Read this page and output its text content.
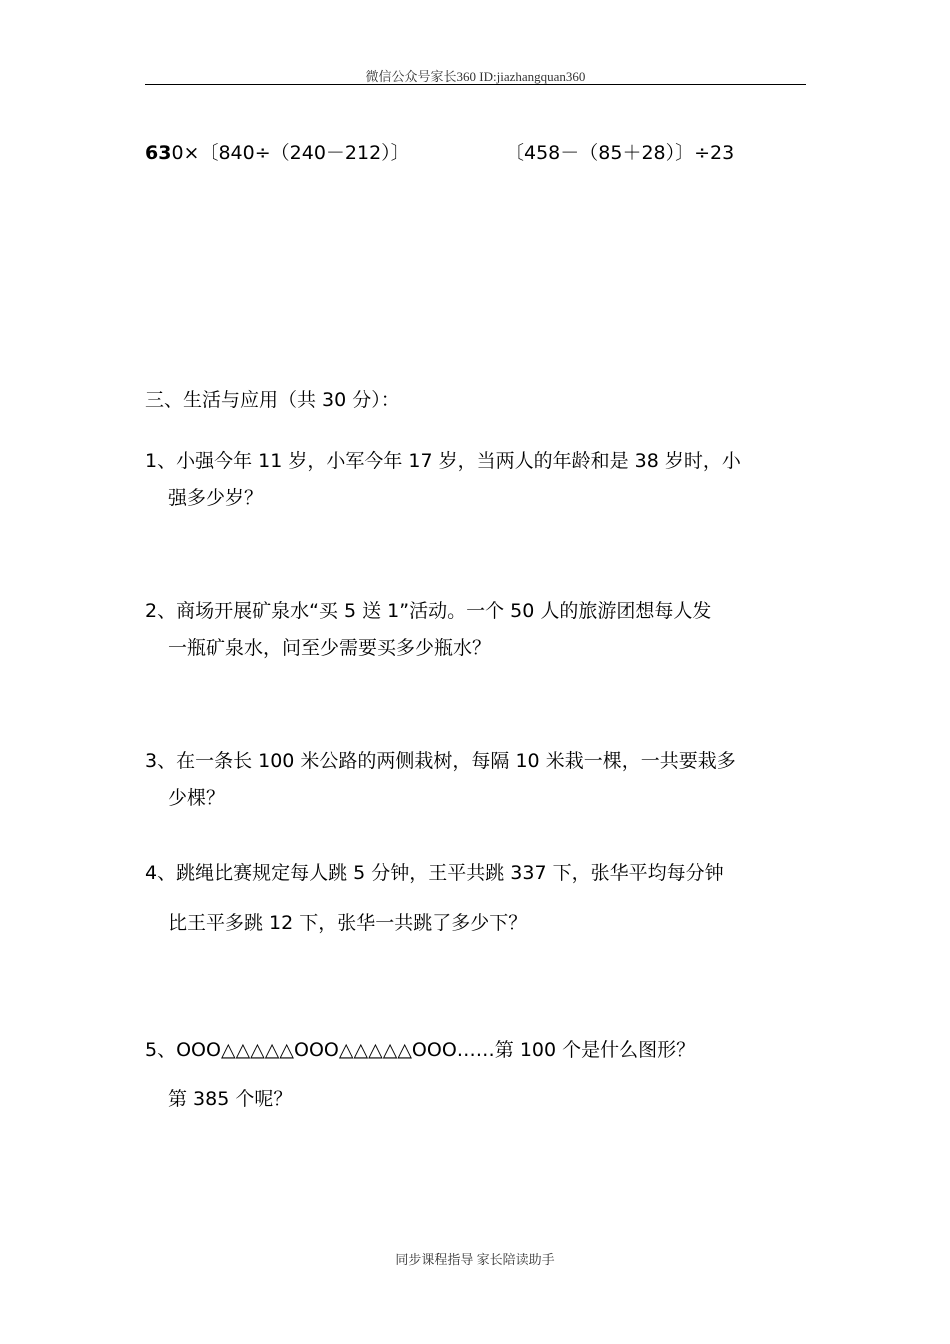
微信公众号家长360 ID:jiazhangquan360
630×〔840÷（240－212）〕	〔458－（85＋28）〕÷23
三、生活与应用（共 30 分）：
1、小强今年 11 岁，小军今年 17 岁，当两人的年龄和是 38 岁时，小
强多少岁？
2、商场开展矿泉水“买 5 送 1”活动。一个 50 人的旅游团想每人发
一瓶矿泉水，问至少需要买多少瓶水？
3、在一条长 100 米公路的两侧栽树，每隔 10 米栽一棵，一共要栽多
少棵？
4、跳绳比赛规定每人跳 5 分钟，王平共跳 337 下，张华平均每分钟
比王平多跳 12 下，张华一共跳了多少下？
5、OOO△△△△△OOO△△△△△OOO……第 100 个是什么图形？
第 385 个呢？
同步课程指导 家长陪读助手
